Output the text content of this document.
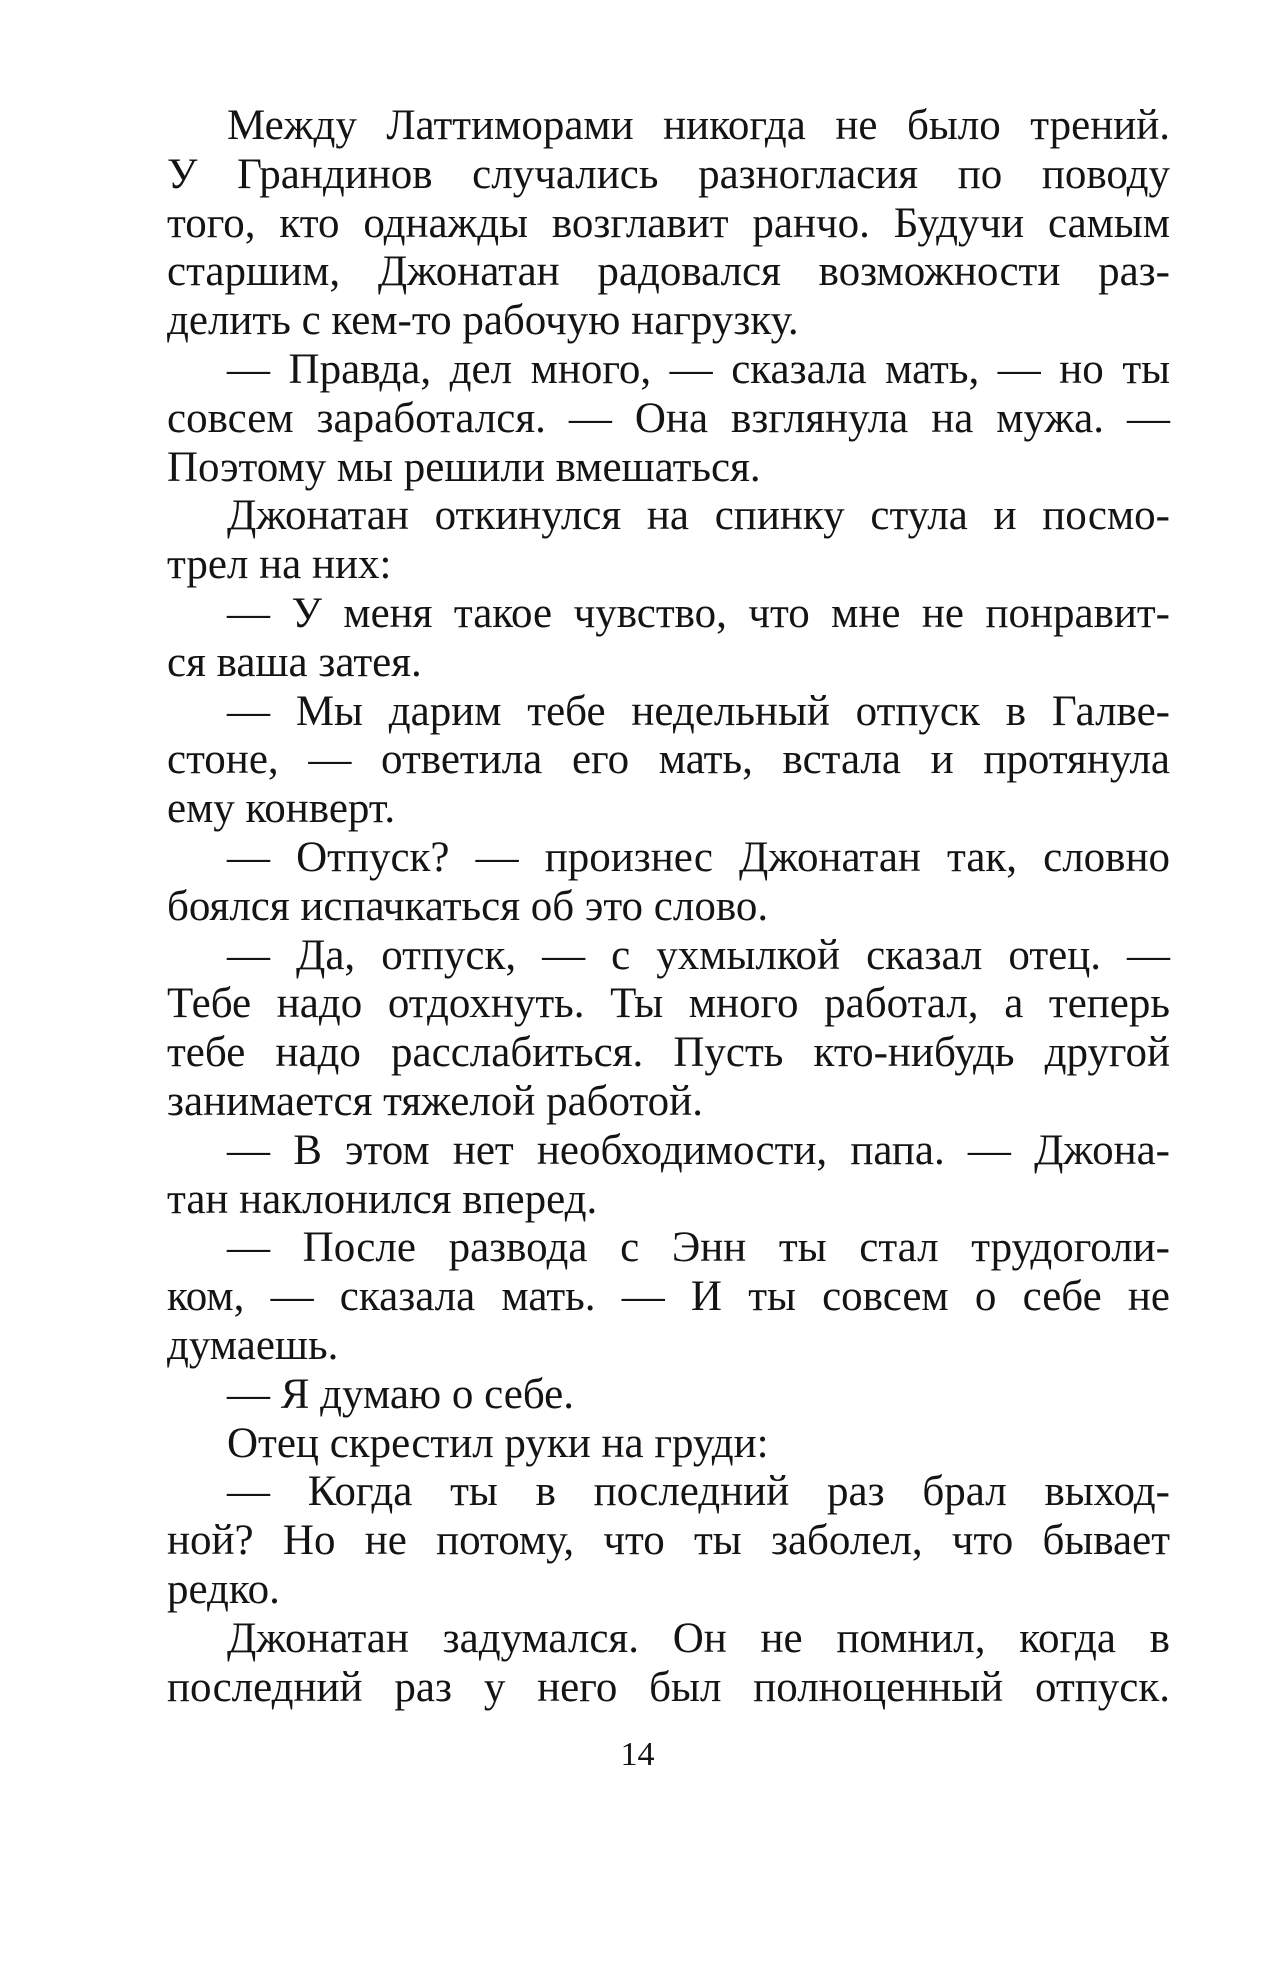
Между Латтиморами никогда не было трений.
У Грандинов случались разногласия по поводу
того, кто однажды возглавит ранчо. Будучи самым
старшим, Джонатан радовался возможности раз-
делить с кем-то рабочую нагрузку.
— Правда, дел много, — сказала мать, — но ты
совсем заработался. — Она взглянула на мужа. —
Поэтому мы решили вмешаться.
Джонатан откинулся на спинку стула и посмо-
трел на них:
— У меня такое чувство, что мне не понравит-
ся ваша затея.
— Мы дарим тебе недельный отпуск в Галве-
стоне, — ответила его мать, встала и протянула
ему конверт.
— Отпуск? — произнес Джонатан так, словно
боялся испачкаться об это слово.
— Да, отпуск, — с ухмылкой сказал отец. —
Тебе надо отдохнуть. Ты много работал, а теперь
тебе надо расслабиться. Пусть кто-нибудь другой
занимается тяжелой работой.
— В этом нет необходимости, папа. — Джона-
тан наклонился вперед.
— После развода с Энн ты стал трудоголи-
ком, — сказала мать. — И ты совсем о себе не
думаешь.
— Я думаю о себе.
Отец скрестил руки на груди:
— Когда ты в последний раз брал выход-
ной? Но не потому, что ты заболел, что бывает
редко.
Джонатан задумался. Он не помнил, когда в
последний раз у него был полноценный отпуск.
14
